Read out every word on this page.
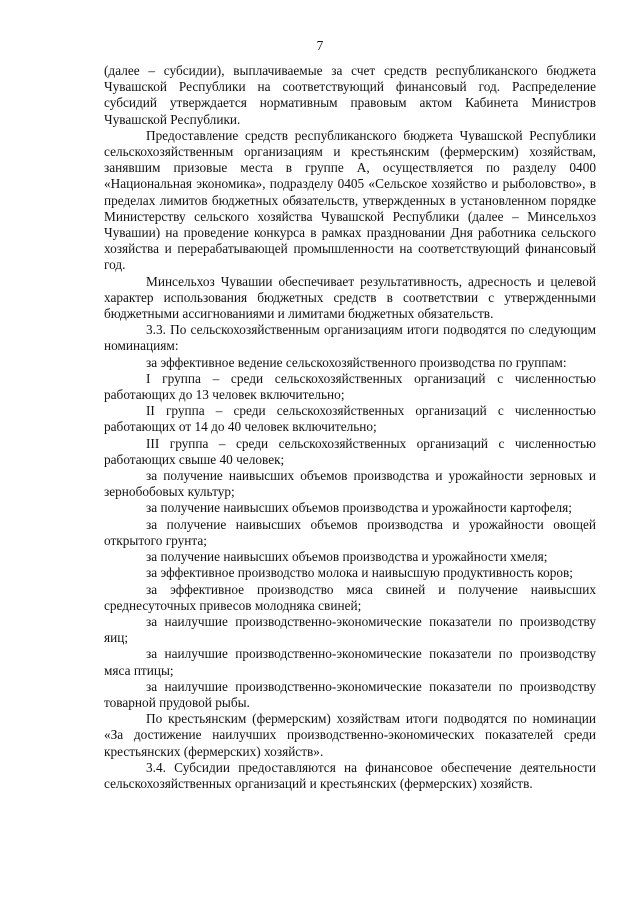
7

(далее – субсидии), выплачиваемые за счет средств республиканского бюджета Чувашской Республики на соответствующий финансовый год. Распределение субсидий утверждается нормативным правовым актом Кабинета Министров Чувашской Республики.

Предоставление средств республиканского бюджета Чувашской Республики сельскохозяйственным организациям и крестьянским (фермерским) хозяйствам, занявшим призовые места в группе А, осуществляется по разделу 0400 «Национальная экономика», подразделу 0405 «Сельское хозяйство и рыболовство», в пределах лимитов бюджетных обязательств, утвержденных в установленном порядке Министерству сельского хозяйства Чувашской Республики (далее – Минсельхоз Чувашии) на проведение конкурса в рамках праздновании Дня работника сельского хозяйства и перерабатывающей промышленности на соответствующий финансовый год.

Минсельхоз Чувашии обеспечивает результативность, адресность и целевой характер использования бюджетных средств в соответствии с утвержденными бюджетными ассигнованиями и лимитами бюджетных обязательств.

3.3. По сельскохозяйственным организациям итоги подводятся по следующим номинациям:

за эффективное ведение сельскохозяйственного производства по группам:

I группа – среди сельскохозяйственных организаций с численностью работающих до 13 человек включительно;

II группа – среди сельскохозяйственных организаций с численностью работающих от 14 до 40 человек включительно;

III группа – среди сельскохозяйственных организаций с численностью работающих свыше 40 человек;

за получение наивысших объемов производства и урожайности зерновых и зернобобовых культур;

за получение наивысших объемов производства и урожайности картофеля;

за получение наивысших объемов производства и урожайности овощей открытого грунта;

за получение наивысших объемов производства и урожайности хмеля;

за эффективное производство молока и наивысшую продуктивность коров;

за эффективное производство мяса свиней и получение наивысших среднесуточных привесов молодняка свиней;

за наилучшие производственно-экономические показатели по производству яиц;

за наилучшие производственно-экономические показатели по производству мяса птицы;

за наилучшие производственно-экономические показатели по производству товарной прудовой рыбы.

По крестьянским (фермерским) хозяйствам итоги подводятся по номинации «За достижение наилучших производственно-экономических показателей среди крестьянских (фермерских) хозяйств».

3.4. Субсидии предоставляются на финансовое обеспечение деятельности сельскохозяйственных организаций и крестьянских (фермерских) хозяйств.
